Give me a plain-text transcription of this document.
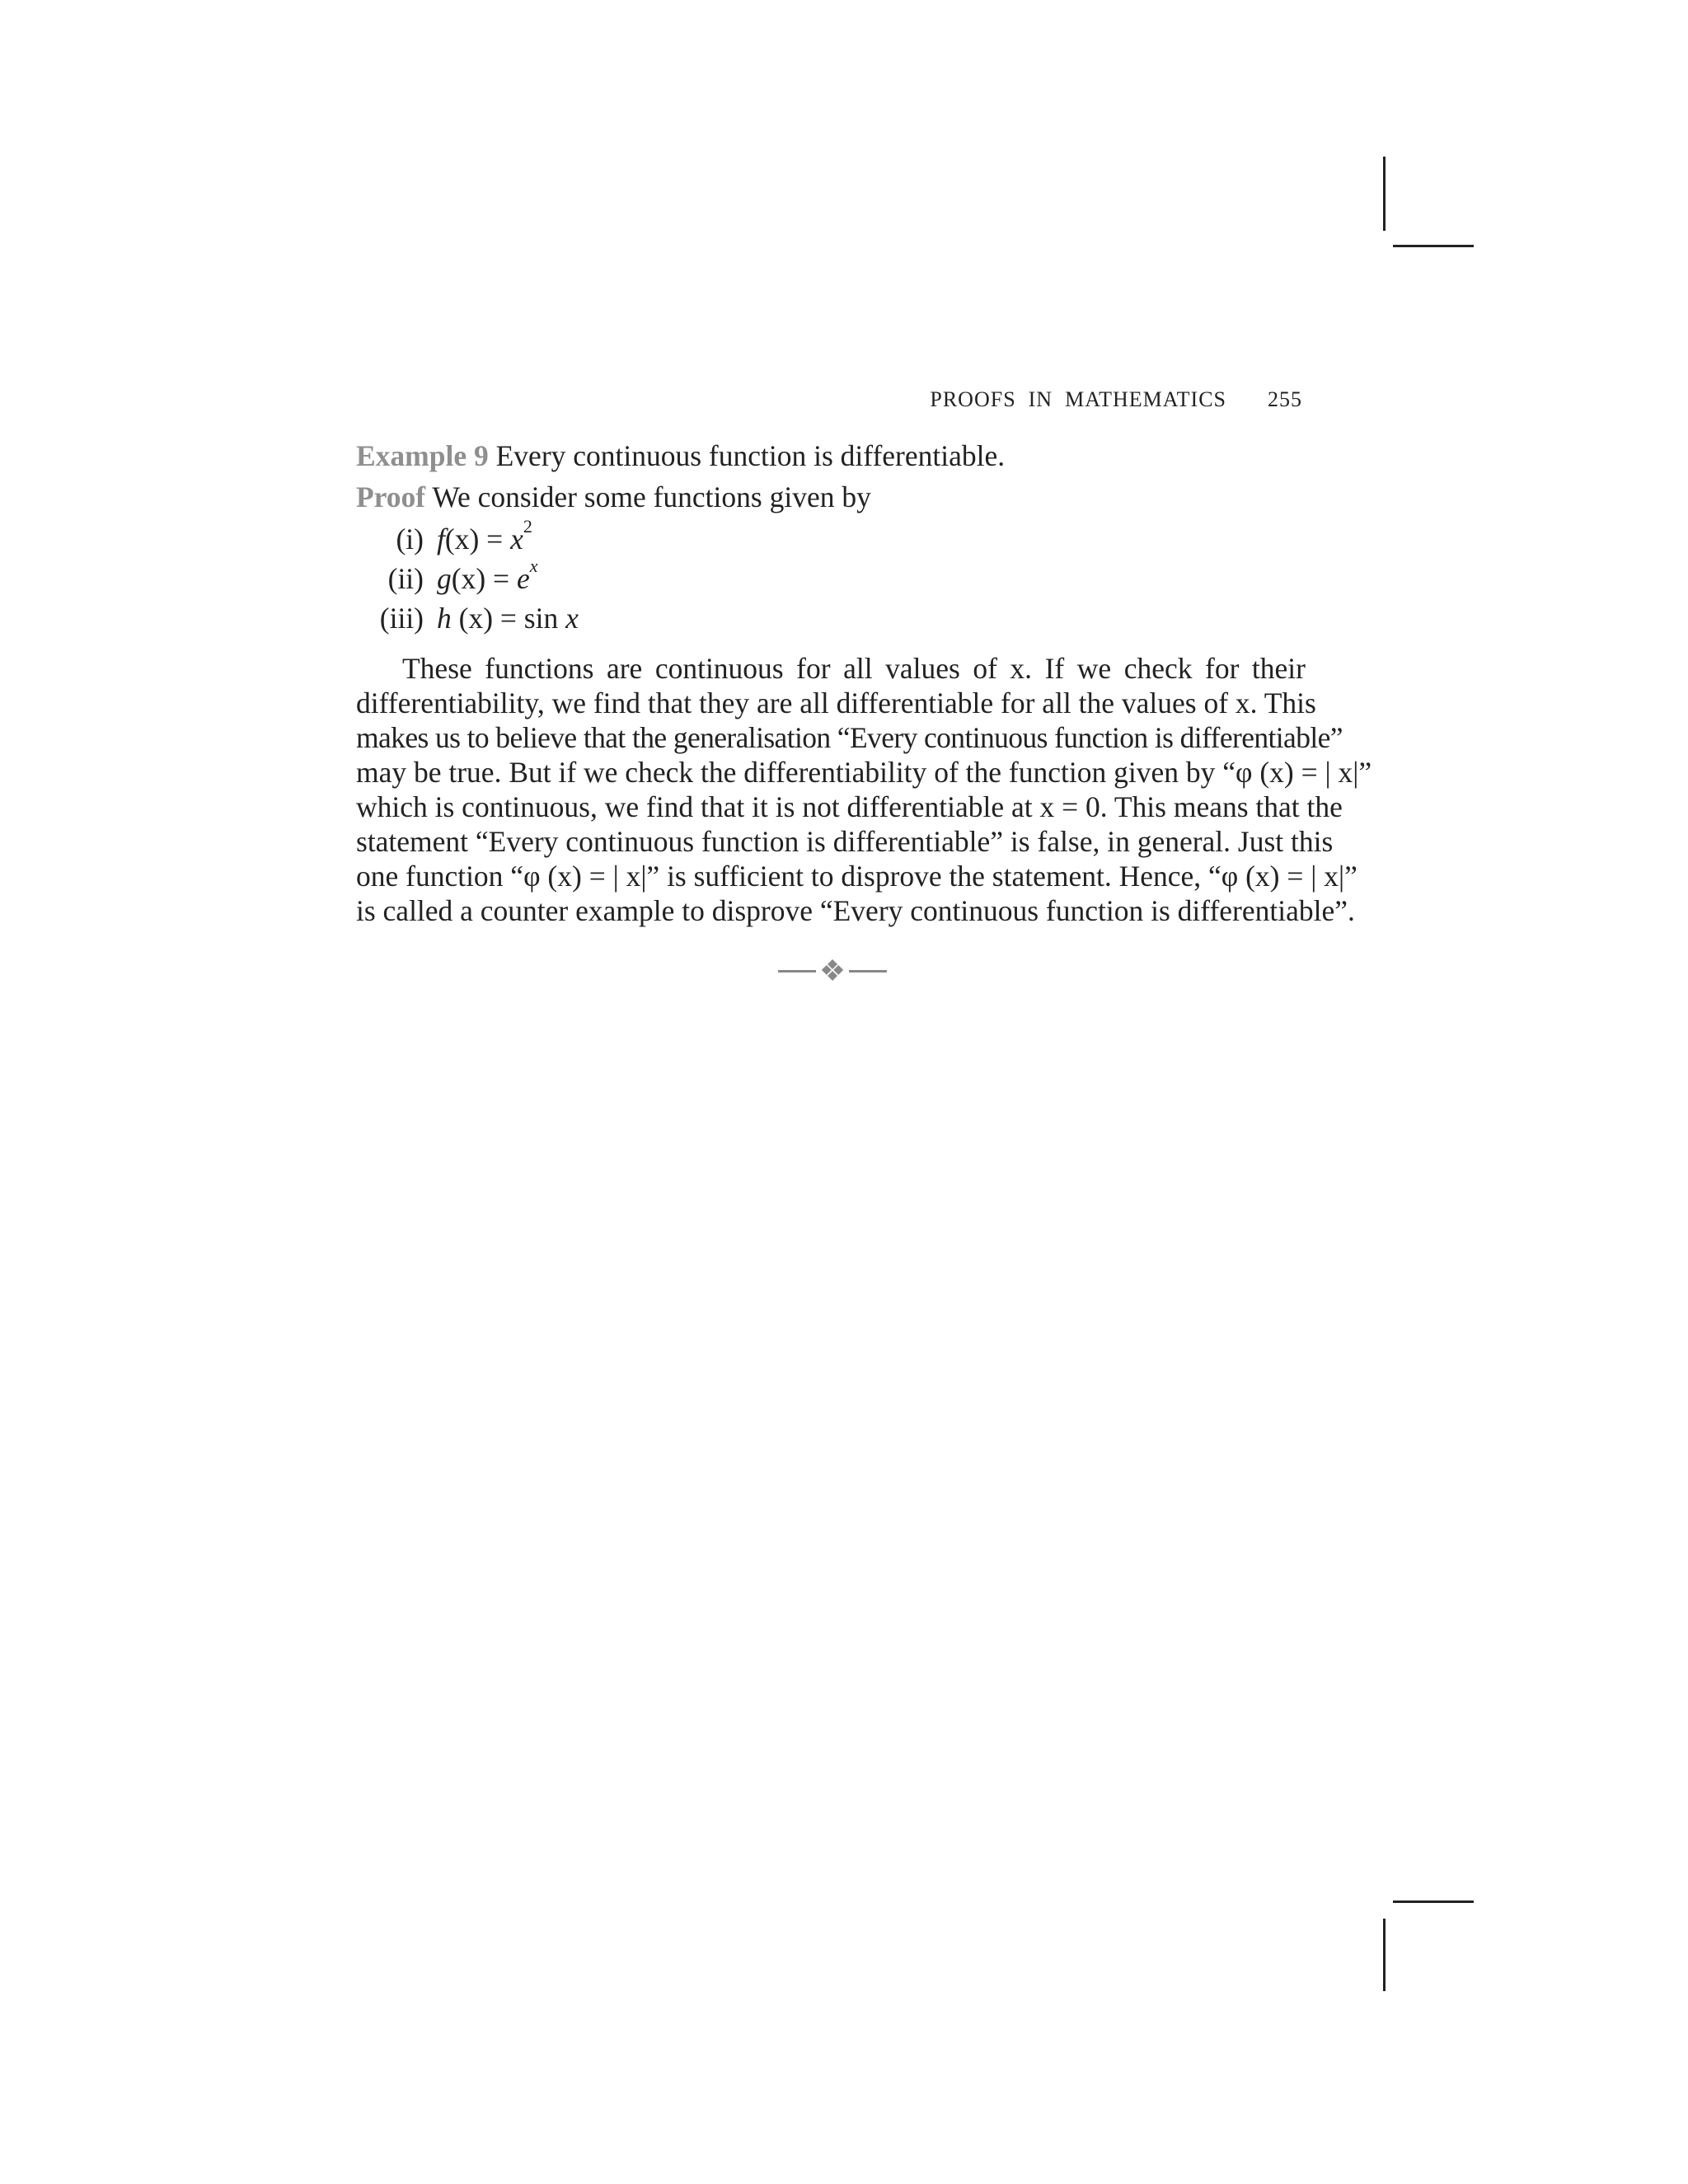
PROOFS  IN  MATHEMATICS 255
Example 9 Every continuous function is differentiable.
Proof We consider some functions given by
(i) $f(x) = x^2$
(ii) $g(x) = e^x$
(iii) h (x) = sin x
These functions are continuous for all values of x. If we check for their
differentiability, we find that they are all differentiable for all the values of x. This
makes us to believe that the generalisation “Every continuous function is differentiable”
may be true. But if we check the differentiability of the function given by “φ (x) = | x|”
which is continuous, we find that it is not differentiable at x = 0. This means that the
statement “Every continuous function is differentiable” is false, in general. Just this
one function “φ (x) = | x|” is sufficient to disprove the statement. Hence, “φ (x) = | x|”
is called a counter example to disprove “Every continuous function is differentiable”.
❖
